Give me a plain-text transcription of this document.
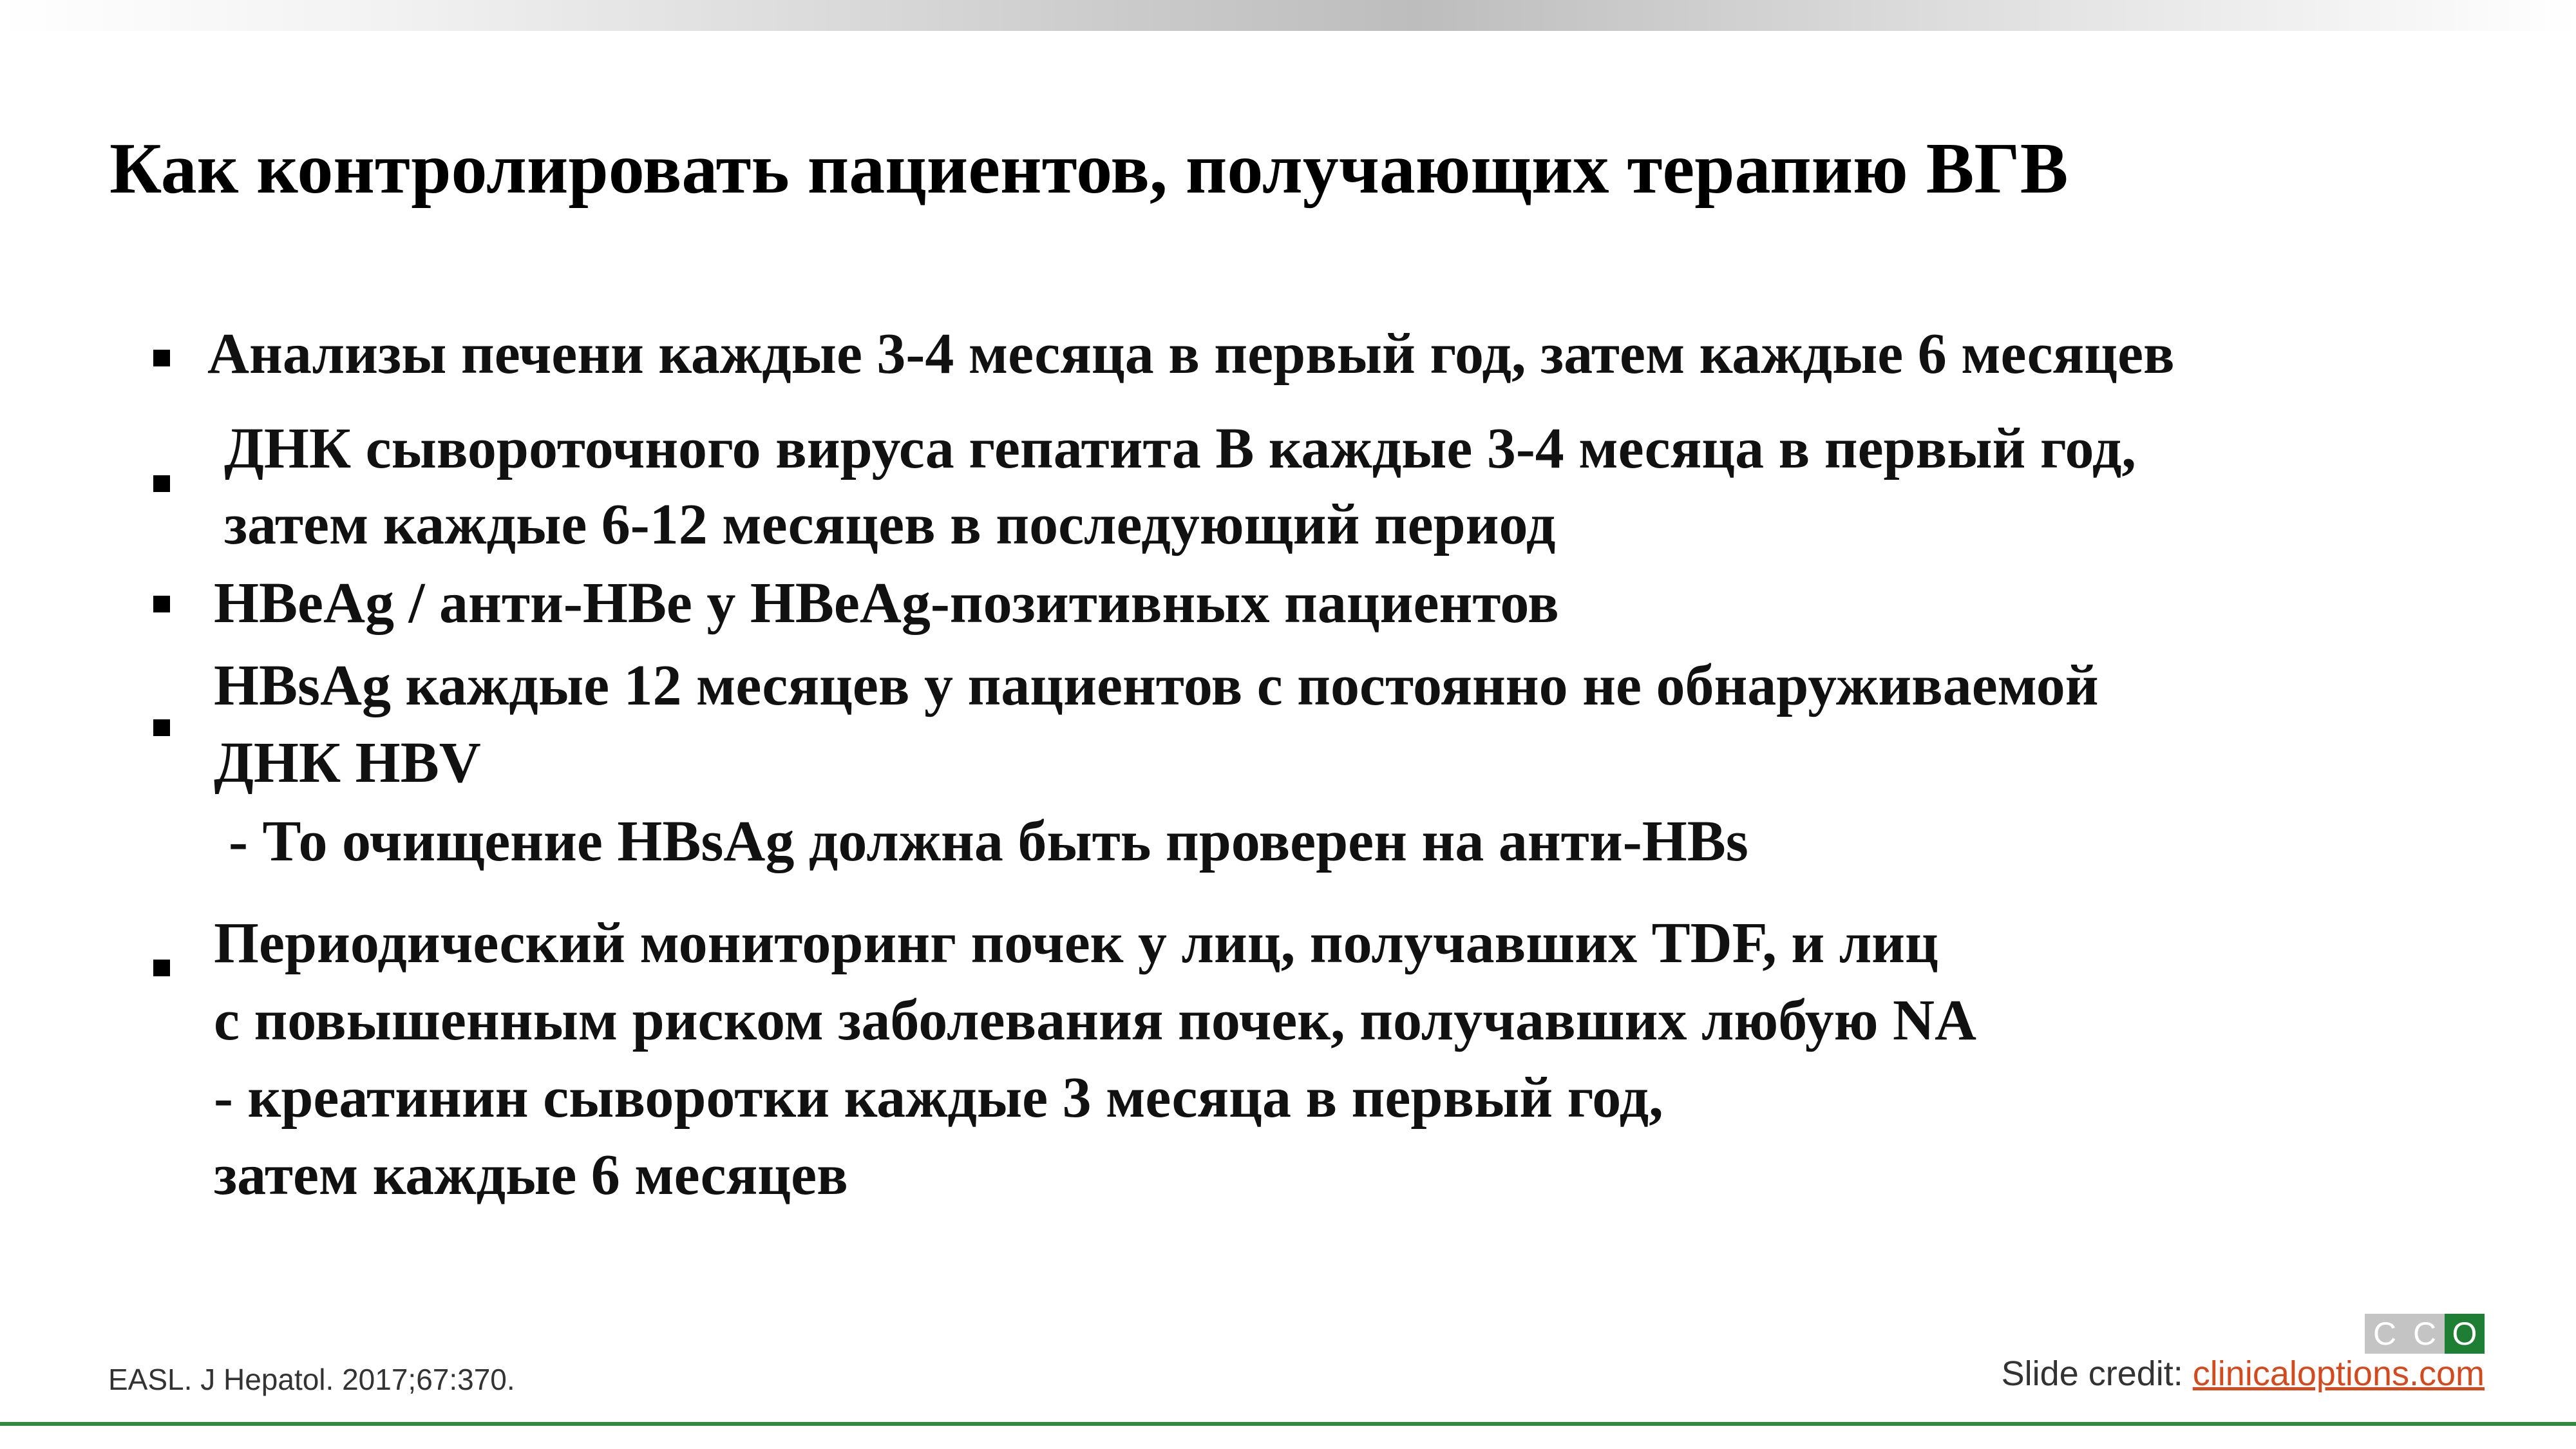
Как контролировать пациентов, получающих терапию ВГВ

Анализы печени каждые 3-4 месяца в первый год, затем каждые 6 месяцев

ДНК сывороточного вируса гепатита В каждые 3-4 месяца в первый год,

затем каждые 6-12 месяцев в последующий период

HBeAg / анти-HBe у HBeAg-позитивных пациентов

HBsAg каждые 12 месяцев у пациентов с постоянно не обнаруживаемой

ДНК HBV

- То очищение HBsAg должна быть проверен на анти-HBs

Периодический мониторинг почек у лиц, получавших TDF, и лиц

с повышенным риском заболевания почек, получавших любую NA

- креатинин сыворотки каждые 3 месяца в первый год,

затем каждые 6 месяцев

EASL. J Hepatol. 2017;67:370.
C C O
Slide credit: clinicaloptions.com
